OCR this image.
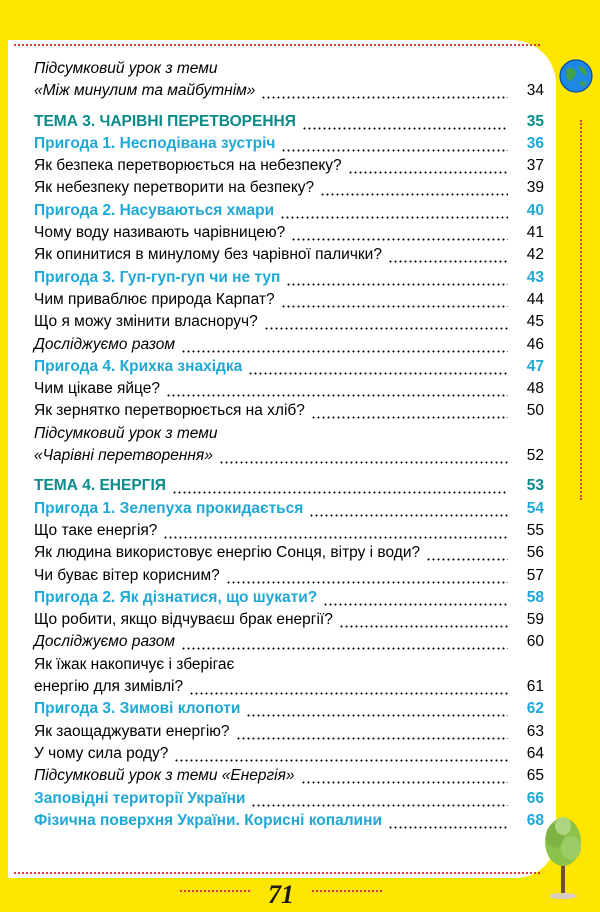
Підсумковий урок з теми
«Між минулим та майбутнім»	34
ТЕМА 3. ЧАРІВНІ ПЕРЕТВОРЕННЯ	35
Пригода 1. Несподівана зустріч	36
Як безпека перетворюється на небезпеку?	37
Як небезпеку перетворити на безпеку?	39
Пригода 2. Насуваються хмари	40
Чому воду називають чарівницею?	41
Як опинитися в минулому без чарівної палички?	42
Пригода 3. Гуп-гуп-гуп чи не туп	43
Чим приваблює природа Карпат?	44
Що я можу змінити власноруч?	45
Досліджуємо разом	46
Пригода 4. Крихка знахідка	47
Чим цікаве яйце?	48
Як зернятко перетворюється на хліб?	50
Підсумковий урок з теми
«Чарівні перетворення»	52
ТЕМА 4. ЕНЕРГІЯ	53
Пригода 1. Зелепуха прокидається	54
Що таке енергія?	55
Як людина використовує енергію Сонця, вітру і води?	56
Чи буває вітер корисним?	57
Пригода 2. Як дізнатися, що шукати?	58
Що робити, якщо відчуваєш брак енергії?	59
Досліджуємо разом	60
Як їжак накопичує і зберігає
енергію для зимівлі?	61
Пригода 3. Зимові клопоти	62
Як заощаджувати енергію?	63
У чому сила роду?	64
Підсумковий урок з теми «Енергія»	65
Заповідні території України	66
Фізична поверхня України. Корисні копалини	68
71
